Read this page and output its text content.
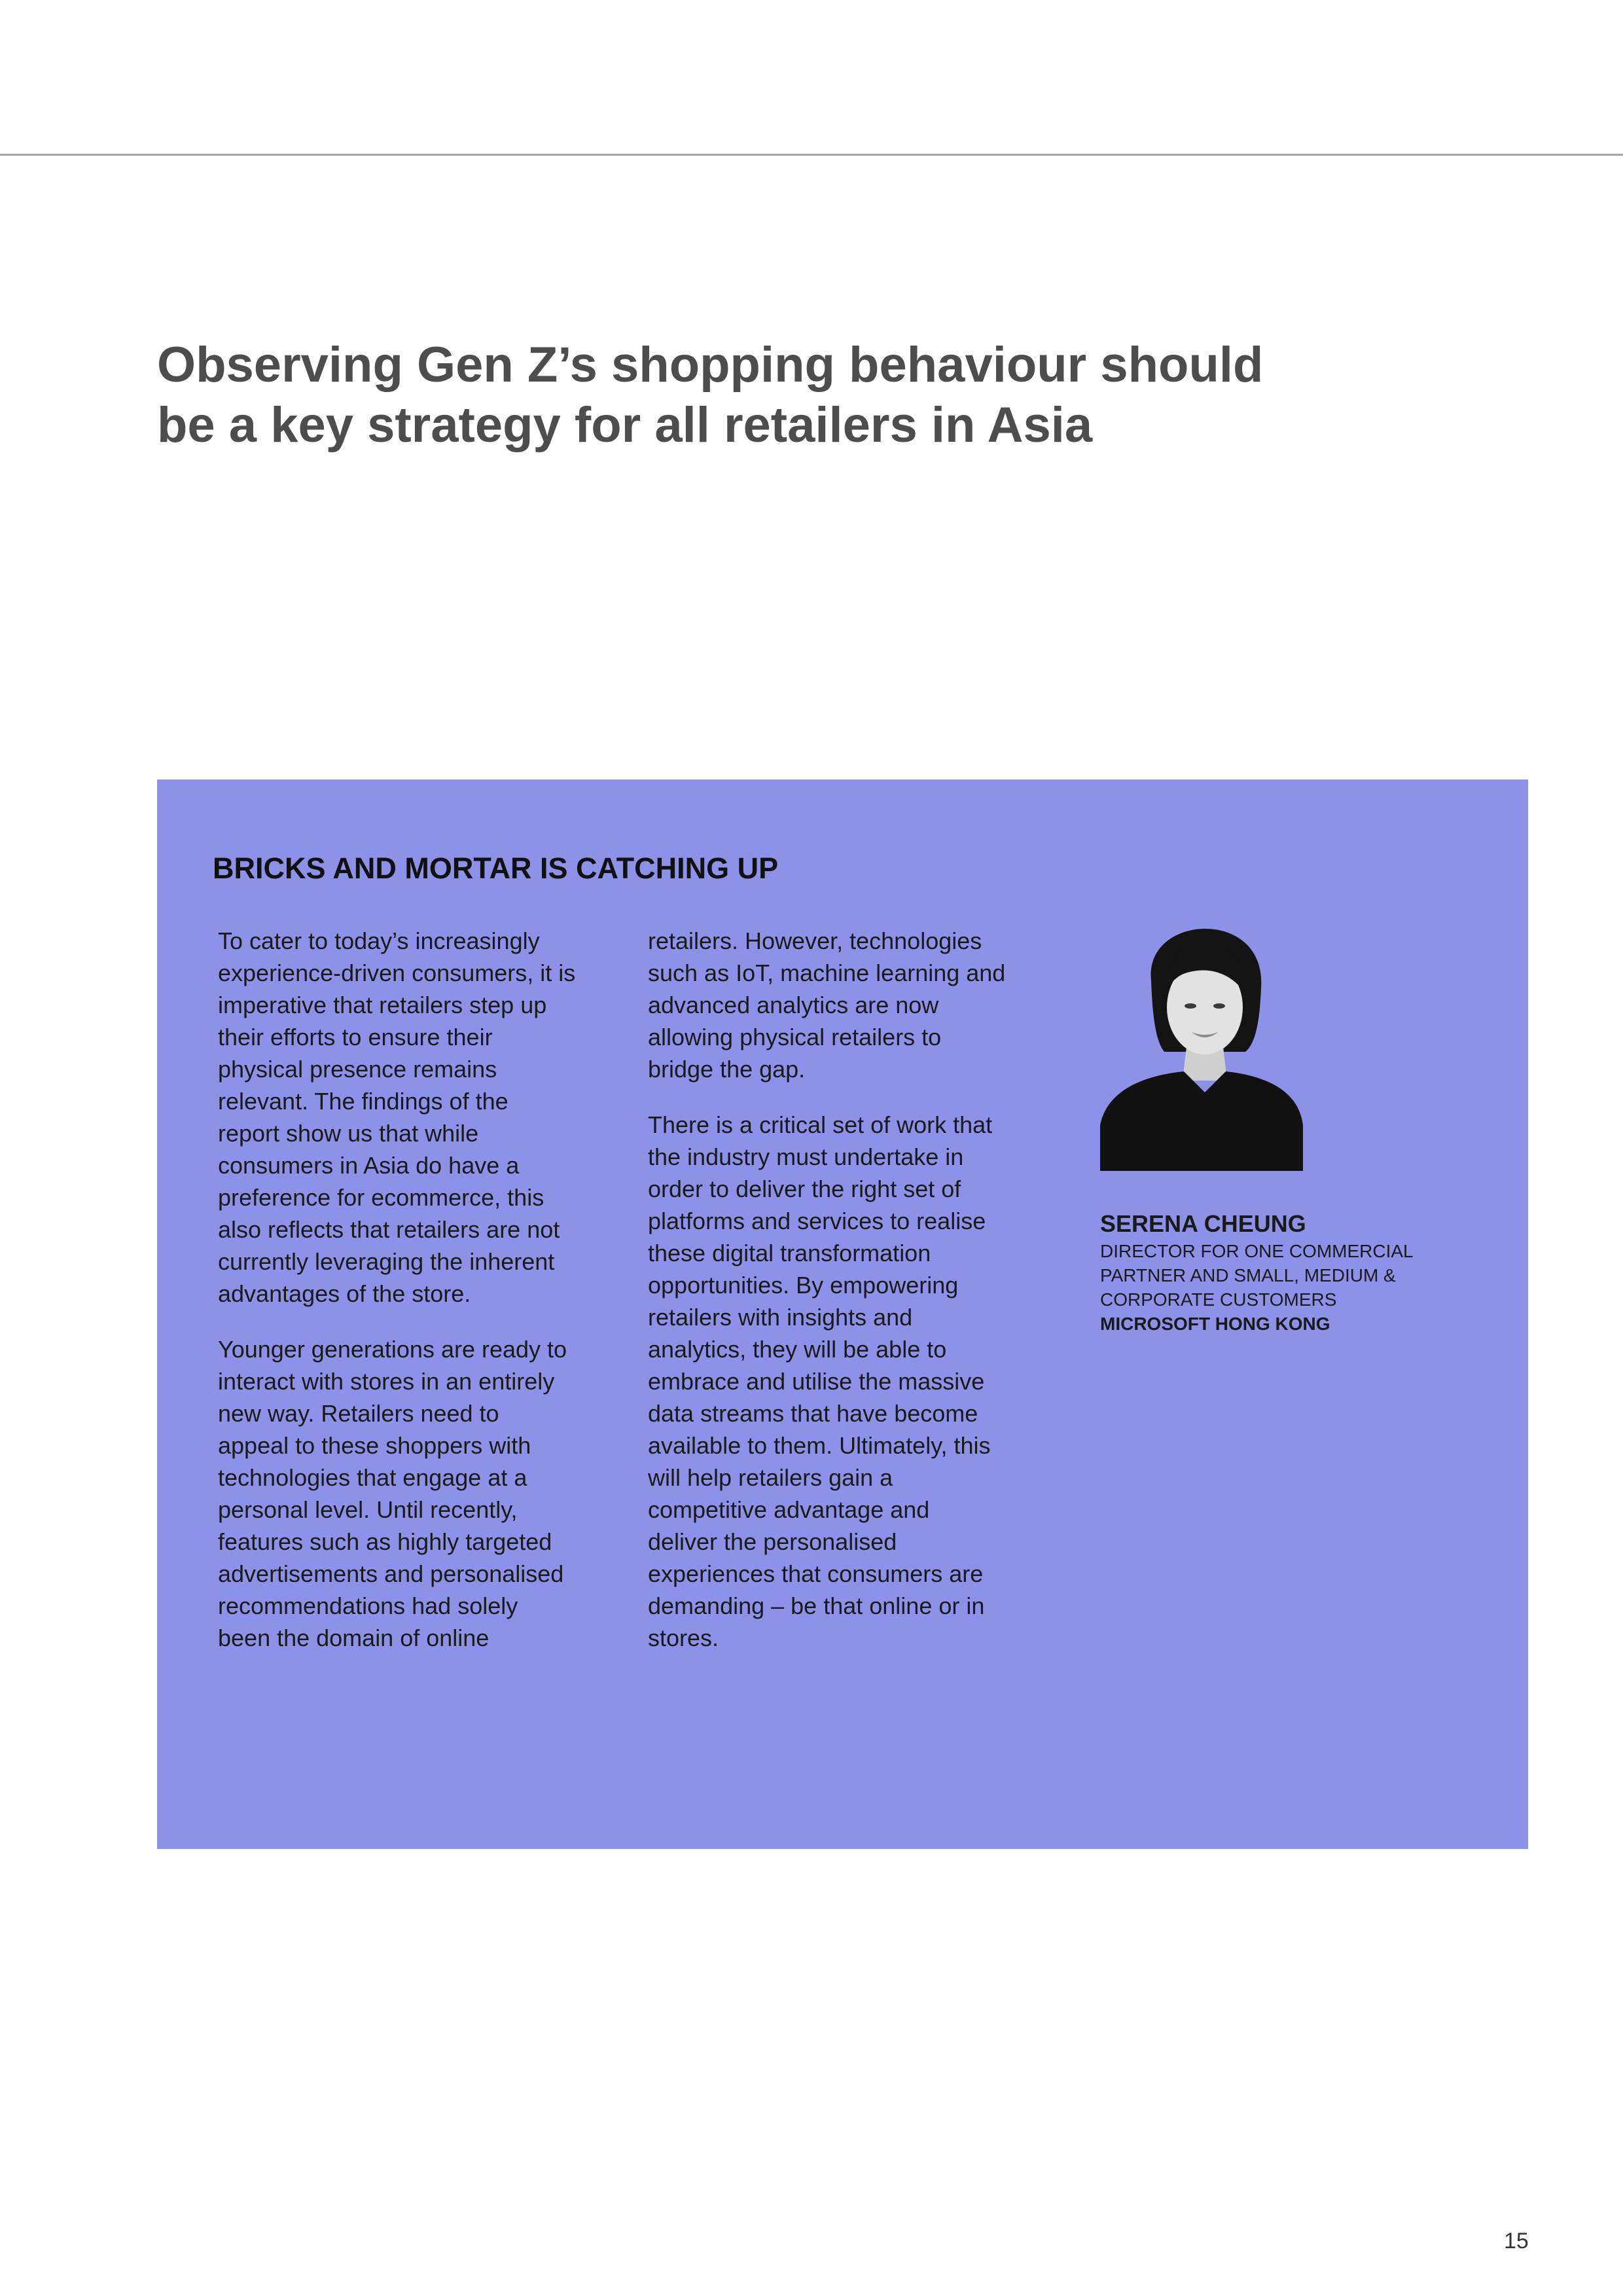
Observing Gen Z’s shopping behaviour should
be a key strategy for all retailers in Asia
BRICKS AND MORTAR IS CATCHING UP

To cater to today’s increasingly
experience-driven consumers, it is
imperative that retailers step up
their efforts to ensure their
physical presence remains
relevant. The findings of the
report show us that while
consumers in Asia do have a
preference for ecommerce, this
also reflects that retailers are not
currently leveraging the inherent
advantages of the store.

Younger generations are ready to
interact with stores in an entirely
new way. Retailers need to
appeal to these shoppers with
technologies that engage at a
personal level. Until recently,
features such as highly targeted
advertisements and personalised
recommendations had solely
been the domain of online

retailers. However, technologies
such as IoT, machine learning and
advanced analytics are now
allowing physical retailers to
bridge the gap.

There is a critical set of work that
the industry must undertake in
order to deliver the right set of
platforms and services to realise
these digital transformation
opportunities. By empowering
retailers with insights and
analytics, they will be able to
embrace and utilise the massive
data streams that have become
available to them. Ultimately, this
will help retailers gain a
competitive advantage and
deliver the personalised
experiences that consumers are
demanding – be that online or in
stores.

SERENA CHEUNG
DIRECTOR FOR ONE COMMERCIAL
PARTNER AND SMALL, MEDIUM &
CORPORATE CUSTOMERS
MICROSOFT HONG KONG
15
